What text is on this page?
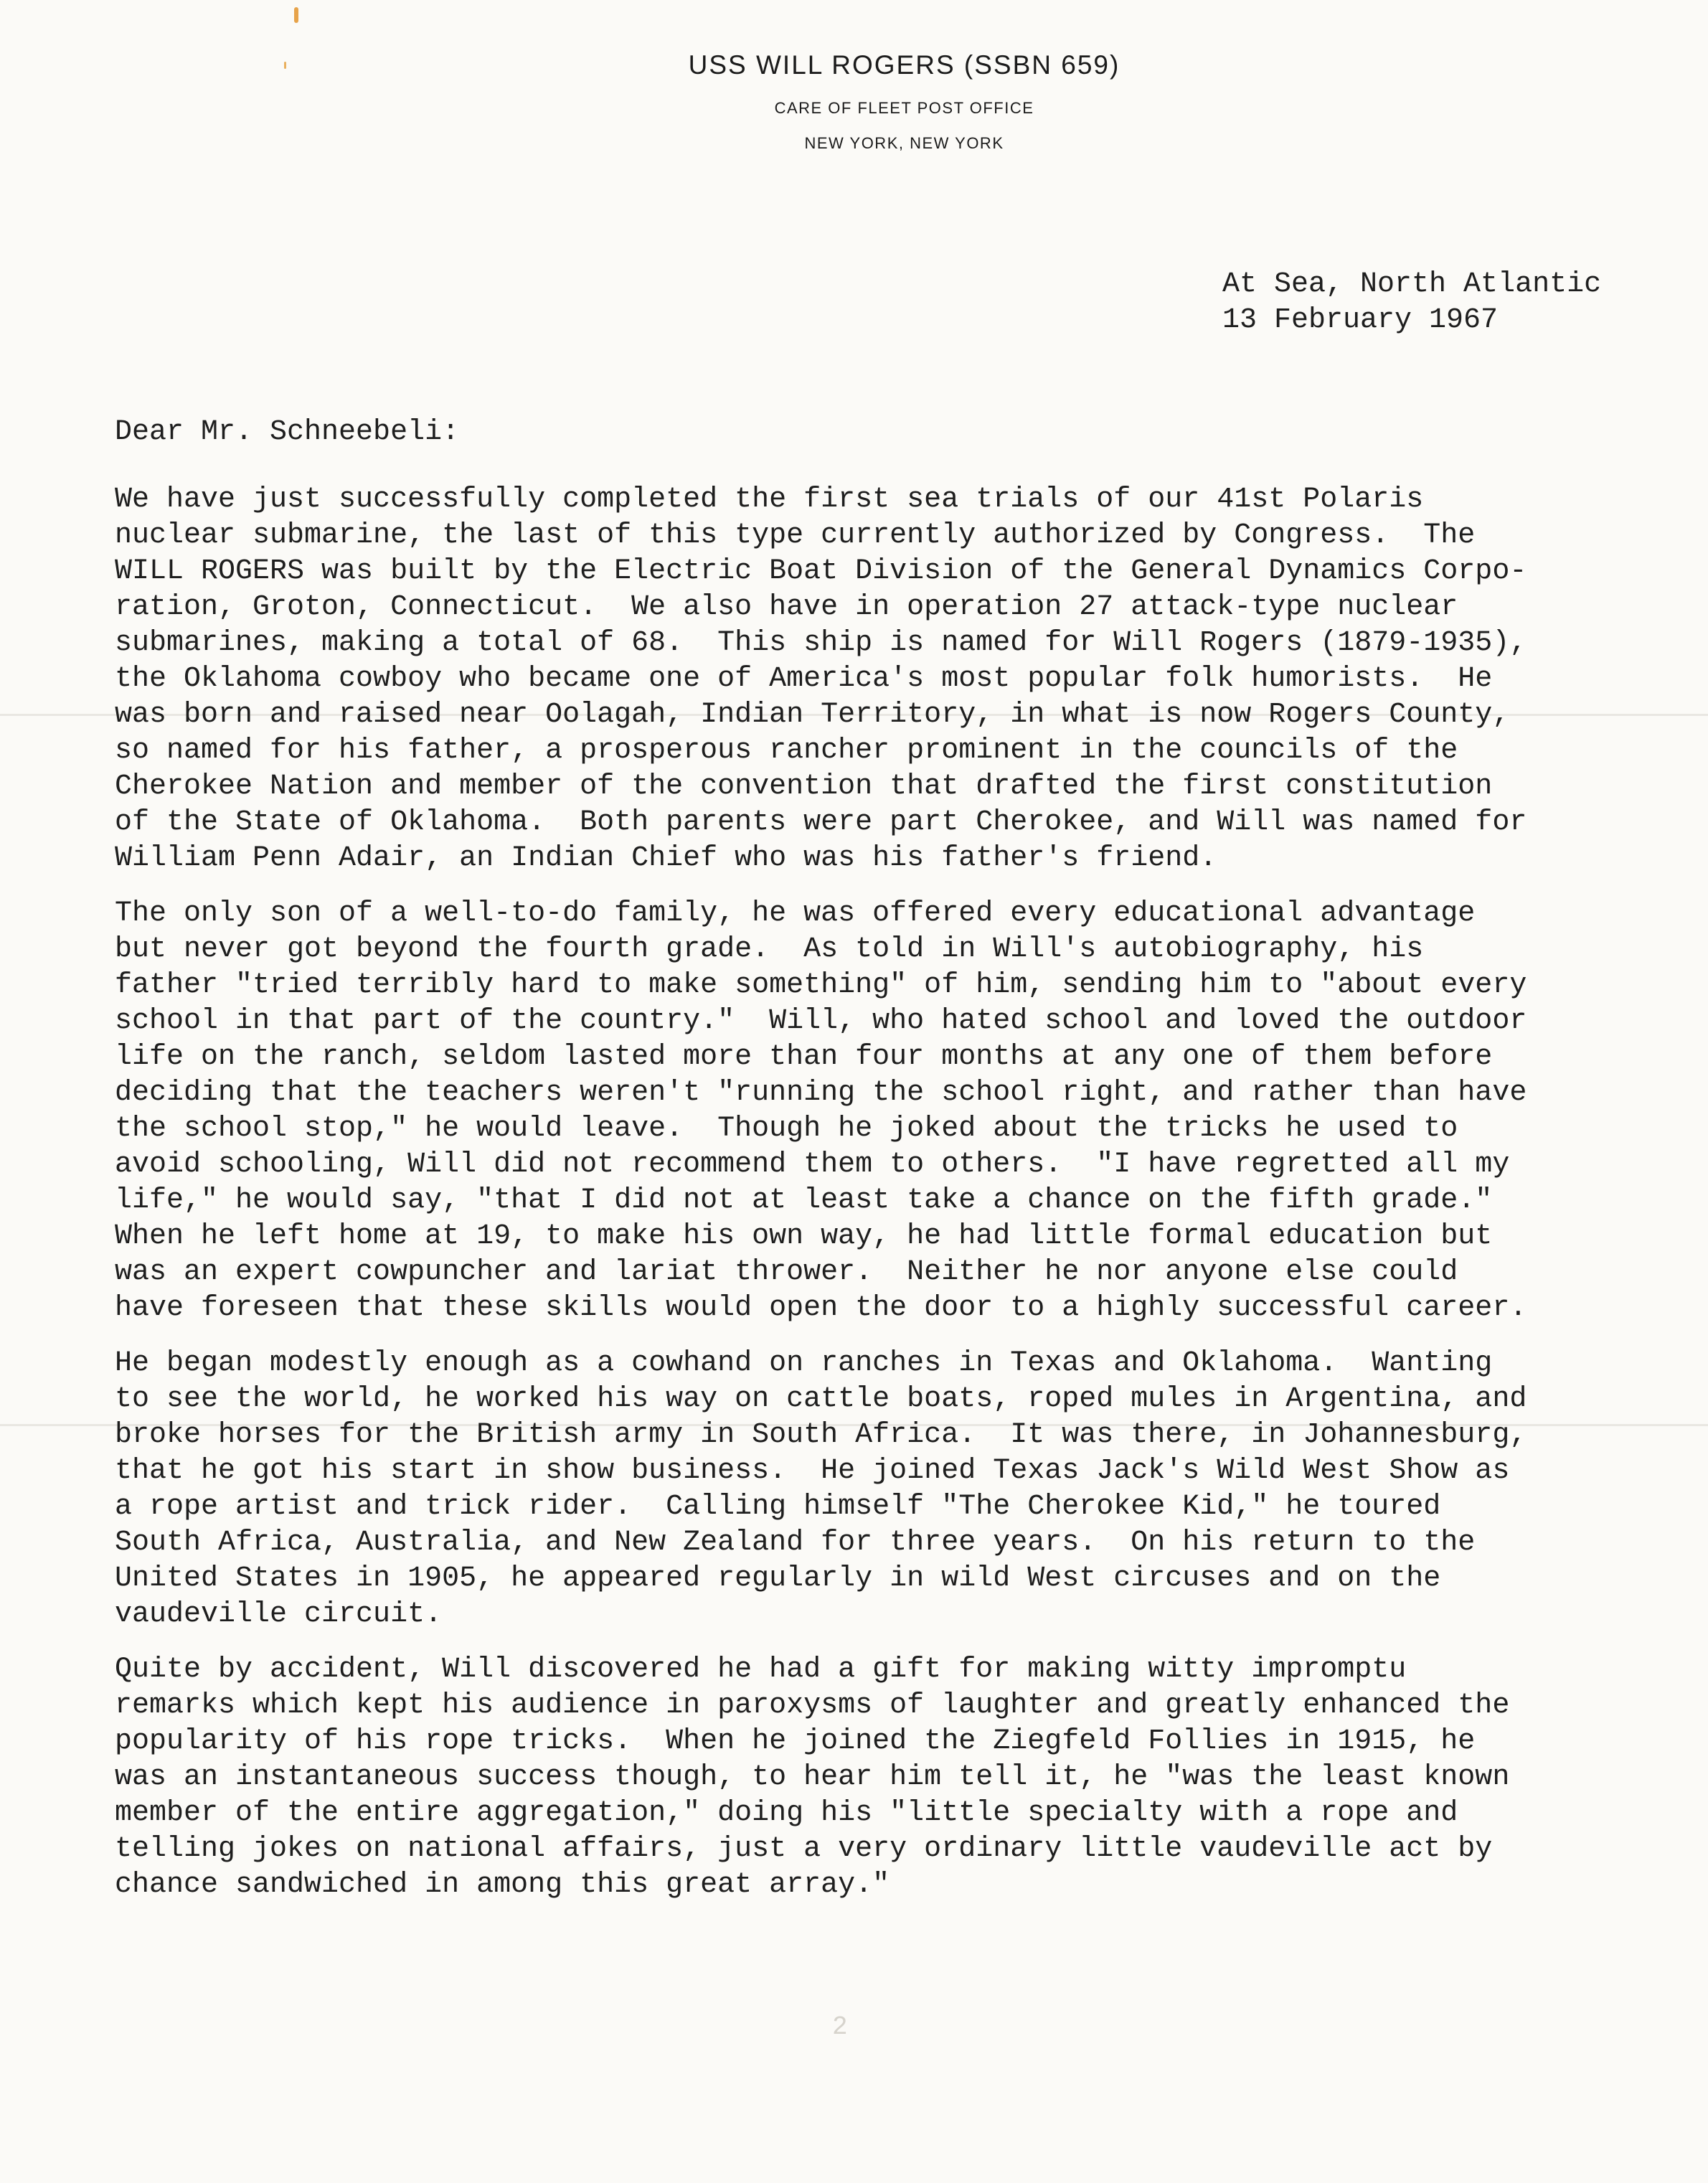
USS WILL ROGERS (SSBN 659)
CARE OF FLEET POST OFFICE
NEW YORK, NEW YORK
At Sea, North Atlantic
13 February 1967
Dear Mr. Schneebeli:
We have just successfully completed the first sea trials of our 41st Polaris
nuclear submarine, the last of this type currently authorized by Congress.  The
WILL ROGERS was built by the Electric Boat Division of the General Dynamics Corpo-
ration, Groton, Connecticut.  We also have in operation 27 attack-type nuclear
submarines, making a total of 68.  This ship is named for Will Rogers (1879-1935),
the Oklahoma cowboy who became one of America's most popular folk humorists.  He
was born and raised near Oolagah, Indian Territory, in what is now Rogers County,
so named for his father, a prosperous rancher prominent in the councils of the
Cherokee Nation and member of the convention that drafted the first constitution
of the State of Oklahoma.  Both parents were part Cherokee, and Will was named for
William Penn Adair, an Indian Chief who was his father's friend.
The only son of a well-to-do family, he was offered every educational advantage
but never got beyond the fourth grade.  As told in Will's autobiography, his
father "tried terribly hard to make something" of him, sending him to "about every
school in that part of the country."  Will, who hated school and loved the outdoor
life on the ranch, seldom lasted more than four months at any one of them before
deciding that the teachers weren't "running the school right, and rather than have
the school stop," he would leave.  Though he joked about the tricks he used to
avoid schooling, Will did not recommend them to others.  "I have regretted all my
life," he would say, "that I did not at least take a chance on the fifth grade."
When he left home at 19, to make his own way, he had little formal education but
was an expert cowpuncher and lariat thrower.  Neither he nor anyone else could
have foreseen that these skills would open the door to a highly successful career.
He began modestly enough as a cowhand on ranches in Texas and Oklahoma.  Wanting
to see the world, he worked his way on cattle boats, roped mules in Argentina, and
broke horses for the British army in South Africa.  It was there, in Johannesburg,
that he got his start in show business.  He joined Texas Jack's Wild West Show as
a rope artist and trick rider.  Calling himself "The Cherokee Kid," he toured
South Africa, Australia, and New Zealand for three years.  On his return to the
United States in 1905, he appeared regularly in wild West circuses and on the
vaudeville circuit.
Quite by accident, Will discovered he had a gift for making witty impromptu
remarks which kept his audience in paroxysms of laughter and greatly enhanced the
popularity of his rope tricks.  When he joined the Ziegfeld Follies in 1915, he
was an instantaneous success though, to hear him tell it, he "was the least known
member of the entire aggregation," doing his "little specialty with a rope and
telling jokes on national affairs, just a very ordinary little vaudeville act by
chance sandwiched in among this great array."
2
